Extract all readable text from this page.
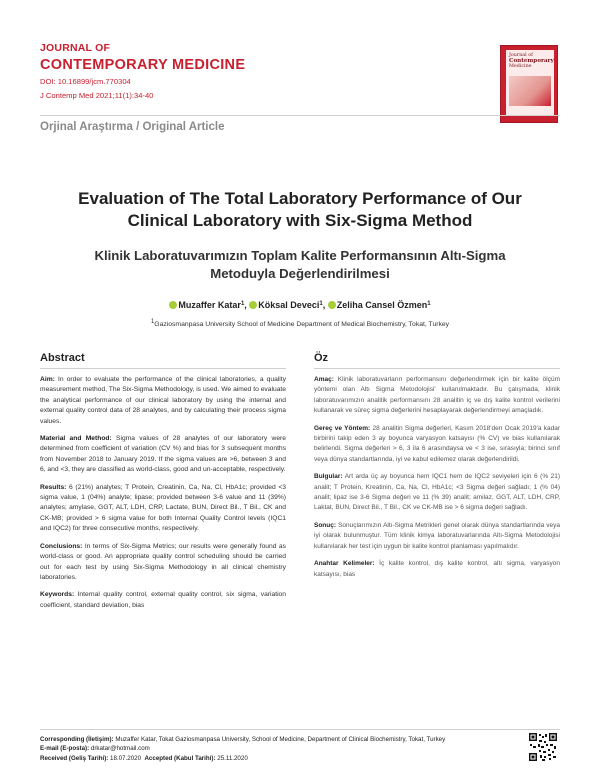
JOURNAL OF
CONTEMPORARY MEDICINE
DOI: 10.16899/jcm.770304
J Contemp Med 2021;11(1):34-40
Journal of
Contemporary
Medicine
Orjinal Araştırma / Original Article
Evaluation of The Total Laboratory Performance of Our
Clinical Laboratory with Six-Sigma Method
Klinik Laboratuvarımızın Toplam Kalite Performansının Altı-Sigma
Metoduyla Değerlendirilmesi
Muzaffer Katar$^1$, Köksal Deveci$^1$, Zeliha Cansel Özmen$^1$
1Gaziosmanpasa University School of Medicine Department of Medical Biochemistry, Tokat, Turkey
Abstract

Aim: In order to evaluate the performance of the clinical laboratories, a quality measurement method, The Six-Sigma Methodology, is used. We aimed to evaluate the analytical performance of our clinical laboratory by using the internal and external quality control data of 28 analytes, and by calculating their process sigma values.

Material and Method: Sigma values of 28 analytes of our laboratory were determined from coefficient of variation (CV %) and bias for 3 subsequent months from November 2018 to January 2019. If the sigma values are >6, between 3 and 6, and <3, they are classified as world-class, good and un-acceptable, respectively.

Results: 6 (21%) analytes; T Protein, Creatinin, Ca, Na, Cl, HbA1c; provided <3 sigma value, 1 (04%) analyte; lipase; provided between 3-6 value and 11 (39%) analytes; amylase, GGT, ALT, LDH, CRP, Lactate, BUN, Direct Bil., T Bil., CK and CK-MB; provided > 6 sigma value for both Internal Quality Control levels (IQC1 and IQC2) for three consecutive months, respectively.

Conclusions: In terms of Six-Sigma Metrics; our results were generally found as world-class or good. An appropriate quality control scheduling should be carried out for each test by using Six-Sigma Methodology in all clinical chemistry laboratories.

Keywords: Internal quality control, external quality control, six sigma, variation coefficient, standard deviation, bias

Öz

Amaç: Klinik laboratuvarların performansını değerlendirmek için bir kalite ölçüm yöntemi olan Altı Sigma Metodolojisi' kullanılmaktadır. Bu çalışmada, klinik laboratuvarımızın analitik performansını 28 analitin iç ve dış kalite kontrol verilerini kullanarak ve süreç sigma değerlerini hesaplayarak değerlendirmeyi amaçladık.

Gereç ve Yöntem: 28 analitin Sigma değerleri, Kasım 2018'den Ocak 2019'a kadar birbirini takip eden 3 ay boyunca varyasyon katsayısı (% CV) ve bias kullanılarak belirlendi. Sigma değerleri > 6, 3 ila 6 arasındaysa ve < 3 ise, sırasıyla; birinci sınıf veya dünya standartlarında, iyi ve kabul edilemez olarak değerlendirildi.

Bulgular: Art arda üç ay boyunca hem IQC1 hem de IQC2 seviyeleri için 6 (% 21) analit; T Protein, Kreatinin, Ca, Na, Cl, HbA1c; <3 Sigma değeri sağladı; 1 (% 04) analit; lipaz ise 3-6 Sigma değeri ve 11 (% 39) analit; amilaz, GGT, ALT, LDH, CRP, Laktat, BUN, Direct Bil., T Bil., CK ve CK-MB ise > 6 sigma değeri sağladı.

Sonuç: Sonuçlarımızın Altı-Sigma Metrikleri genel olarak dünya standartlarında veya iyi olarak bulunmuştur. Tüm klinik kimya laboratuvarlarında Altı-Sigma Metodolojisi kullanılarak her test için uygun bir kalite kontrol planlaması yapılmalıdır.

Anahtar Kelimeler: İç kalite kontrol, dış kalite kontrol, altı sigma, varyasyon katsayısı, bias

Corresponding (İletişim): Muzaffer Katar, Tokat Gaziosmanpasa University, School of Medicine, Department of Clinical Biochemistry, Tokat, Turkey
E-mail (E-posta): drkatar@hotmail.com
Received (Geliş Tarihi): 18.07.2020 Accepted (Kabul Tarihi): 25.11.2020
